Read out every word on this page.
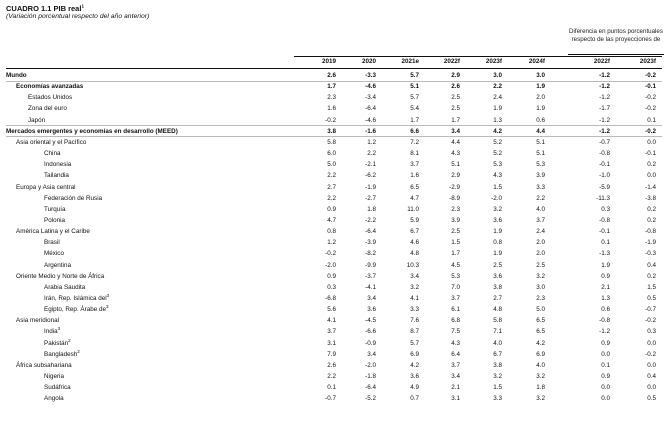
CUADRO 1.1 PIB real$^1$
(Variación porcentual respecto del año anterior)
Diferencia en puntos porcentuales respecto de las proyecciones de
2019	2020	2021e	2022f	2023f	2024f	2022f	2023f
Mundo	2.6	-3.3	5.7	2.9	3.0	3.0	-1.2	-0.2
Economías avanzadas	1.7	-4.6	5.1	2.6	2.2	1.9	-1.2	-0.1
Estados Unidos	2.3	-3.4	5.7	2.5	2.4	2.0	-1.2	-0.2
Zona del euro	1.6	-6.4	5.4	2.5	1.9	1.9	-1.7	-0.2
Japón	-0.2	-4.6	1.7	1.7	1.3	0.6	-1.2	0.1
Mercados emergentes y economías en desarrollo (MEED)	3.8	-1.6	6.6	3.4	4.2	4.4	-1.2	-0.2
Asia oriental y el Pacífico	5.8	1.2	7.2	4.4	5.2	5.1	-0.7	0.0
China	6.0	2.2	8.1	4.3	5.2	5.1	-0.8	-0.1
Indonesia	5.0	-2.1	3.7	5.1	5.3	5.3	-0.1	0.2
Tailandia	2.2	-6.2	1.6	2.9	4.3	3.9	-1.0	0.0
Europa y Asia central	2.7	-1.9	6.5	-2.9	1.5	3.3	-5.9	-1.4
Federación de Rusia	2.2	-2.7	4.7	-8.9	-2.0	2.2	-11.3	-3.8
Turquía	0.9	1.8	11.0	2.3	3.2	4.0	0.3	0.2
Polonia	4.7	-2.2	5.9	3.9	3.6	3.7	-0.8	0.2
América Latina y el Caribe	0.8	-6.4	6.7	2.5	1.9	2.4	-0.1	-0.8
Brasil	1.2	-3.9	4.6	1.5	0.8	2.0	0.1	-1.9
México	-0.2	-8.2	4.8	1.7	1.9	2.0	-1.3	-0.3
Argentina	-2.0	-9.9	10.3	4.5	2.5	2.5	1.9	0.4
Oriente Medio y Norte de África	0.9	-3.7	3.4	5.3	3.6	3.2	0.9	0.2
Arabia Saudita	0.3	-4.1	3.2	7.0	3.8	3.0	2.1	1.5
Irán, Rep. Islámica del$^3$	-6.8	3.4	4.1	3.7	2.7	2.3	1.3	0.5
Egipto, Rep. Árabe $de^3$	5.6	3.6	3.3	6.1	4.8	5.0	0.6	-0.7
Asia meridional	4.1	-4.5	7.6	6.8	5.8	6.5	-0.8	-0.2
India$^3$	3.7	-6.6	8.7	7.5	7.1	6.5	-1.2	0.3
Pakistán$^2$	3.1	-0.9	5.7	4.3	4.0	4.2	0.9	0.0
Bangladesh$^2$	7.9	3.4	6.9	6.4	6.7	6.9	0.0	-0.2
África subsahariana	2.6	-2.0	4.2	3.7	3.8	4.0	0.1	0.0
Nigeria	2.2	-1.8	3.6	3.4	3.2	3.2	0.9	0.4
Sudáfrica	0.1	-6.4	4.9	2.1	1.5	1.8	0.0	0.0
Angola	-0.7	-5.2	0.7	3.1	3.3	3.2	0.0	0.5
